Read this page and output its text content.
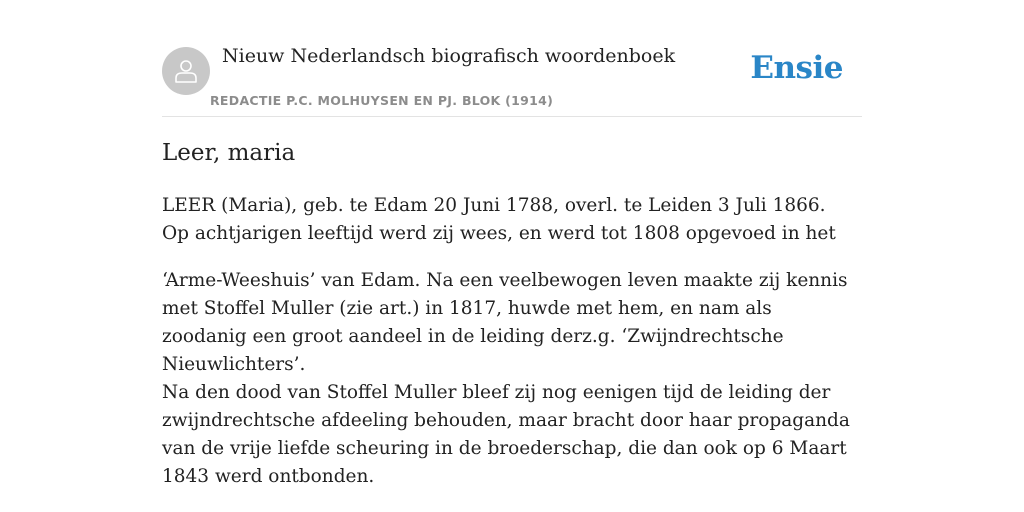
Nieuw Nederlandsch biografisch woordenboek
REDACTIE P.C. MOLHUYSEN EN PJ. BLOK (1914)
Ensie
Leer, maria

LEER (Maria), geb. te Edam 20 Juni 1788, overl. te Leiden 3 Juli 1866. Op achtjarigen leeftijd werd zij wees, en werd tot 1808 opgevoed in het

‘Arme-Weeshuis’ van Edam. Na een veelbewogen leven maakte zij kennis met Stoffel Muller (zie art.) in 1817, huwde met hem, en nam als zoodanig een groot aandeel in de leiding derz.g. ‘Zwijndrechtsche Nieuwlichters’.

Na den dood van Stoffel Muller bleef zij nog eenigen tijd de leiding der zwijndrechtsche afdeeling behouden, maar bracht door haar propaganda van de vrije liefde scheuring in de broederschap, die dan ook op 6 Maart 1843 werd ontbonden.
